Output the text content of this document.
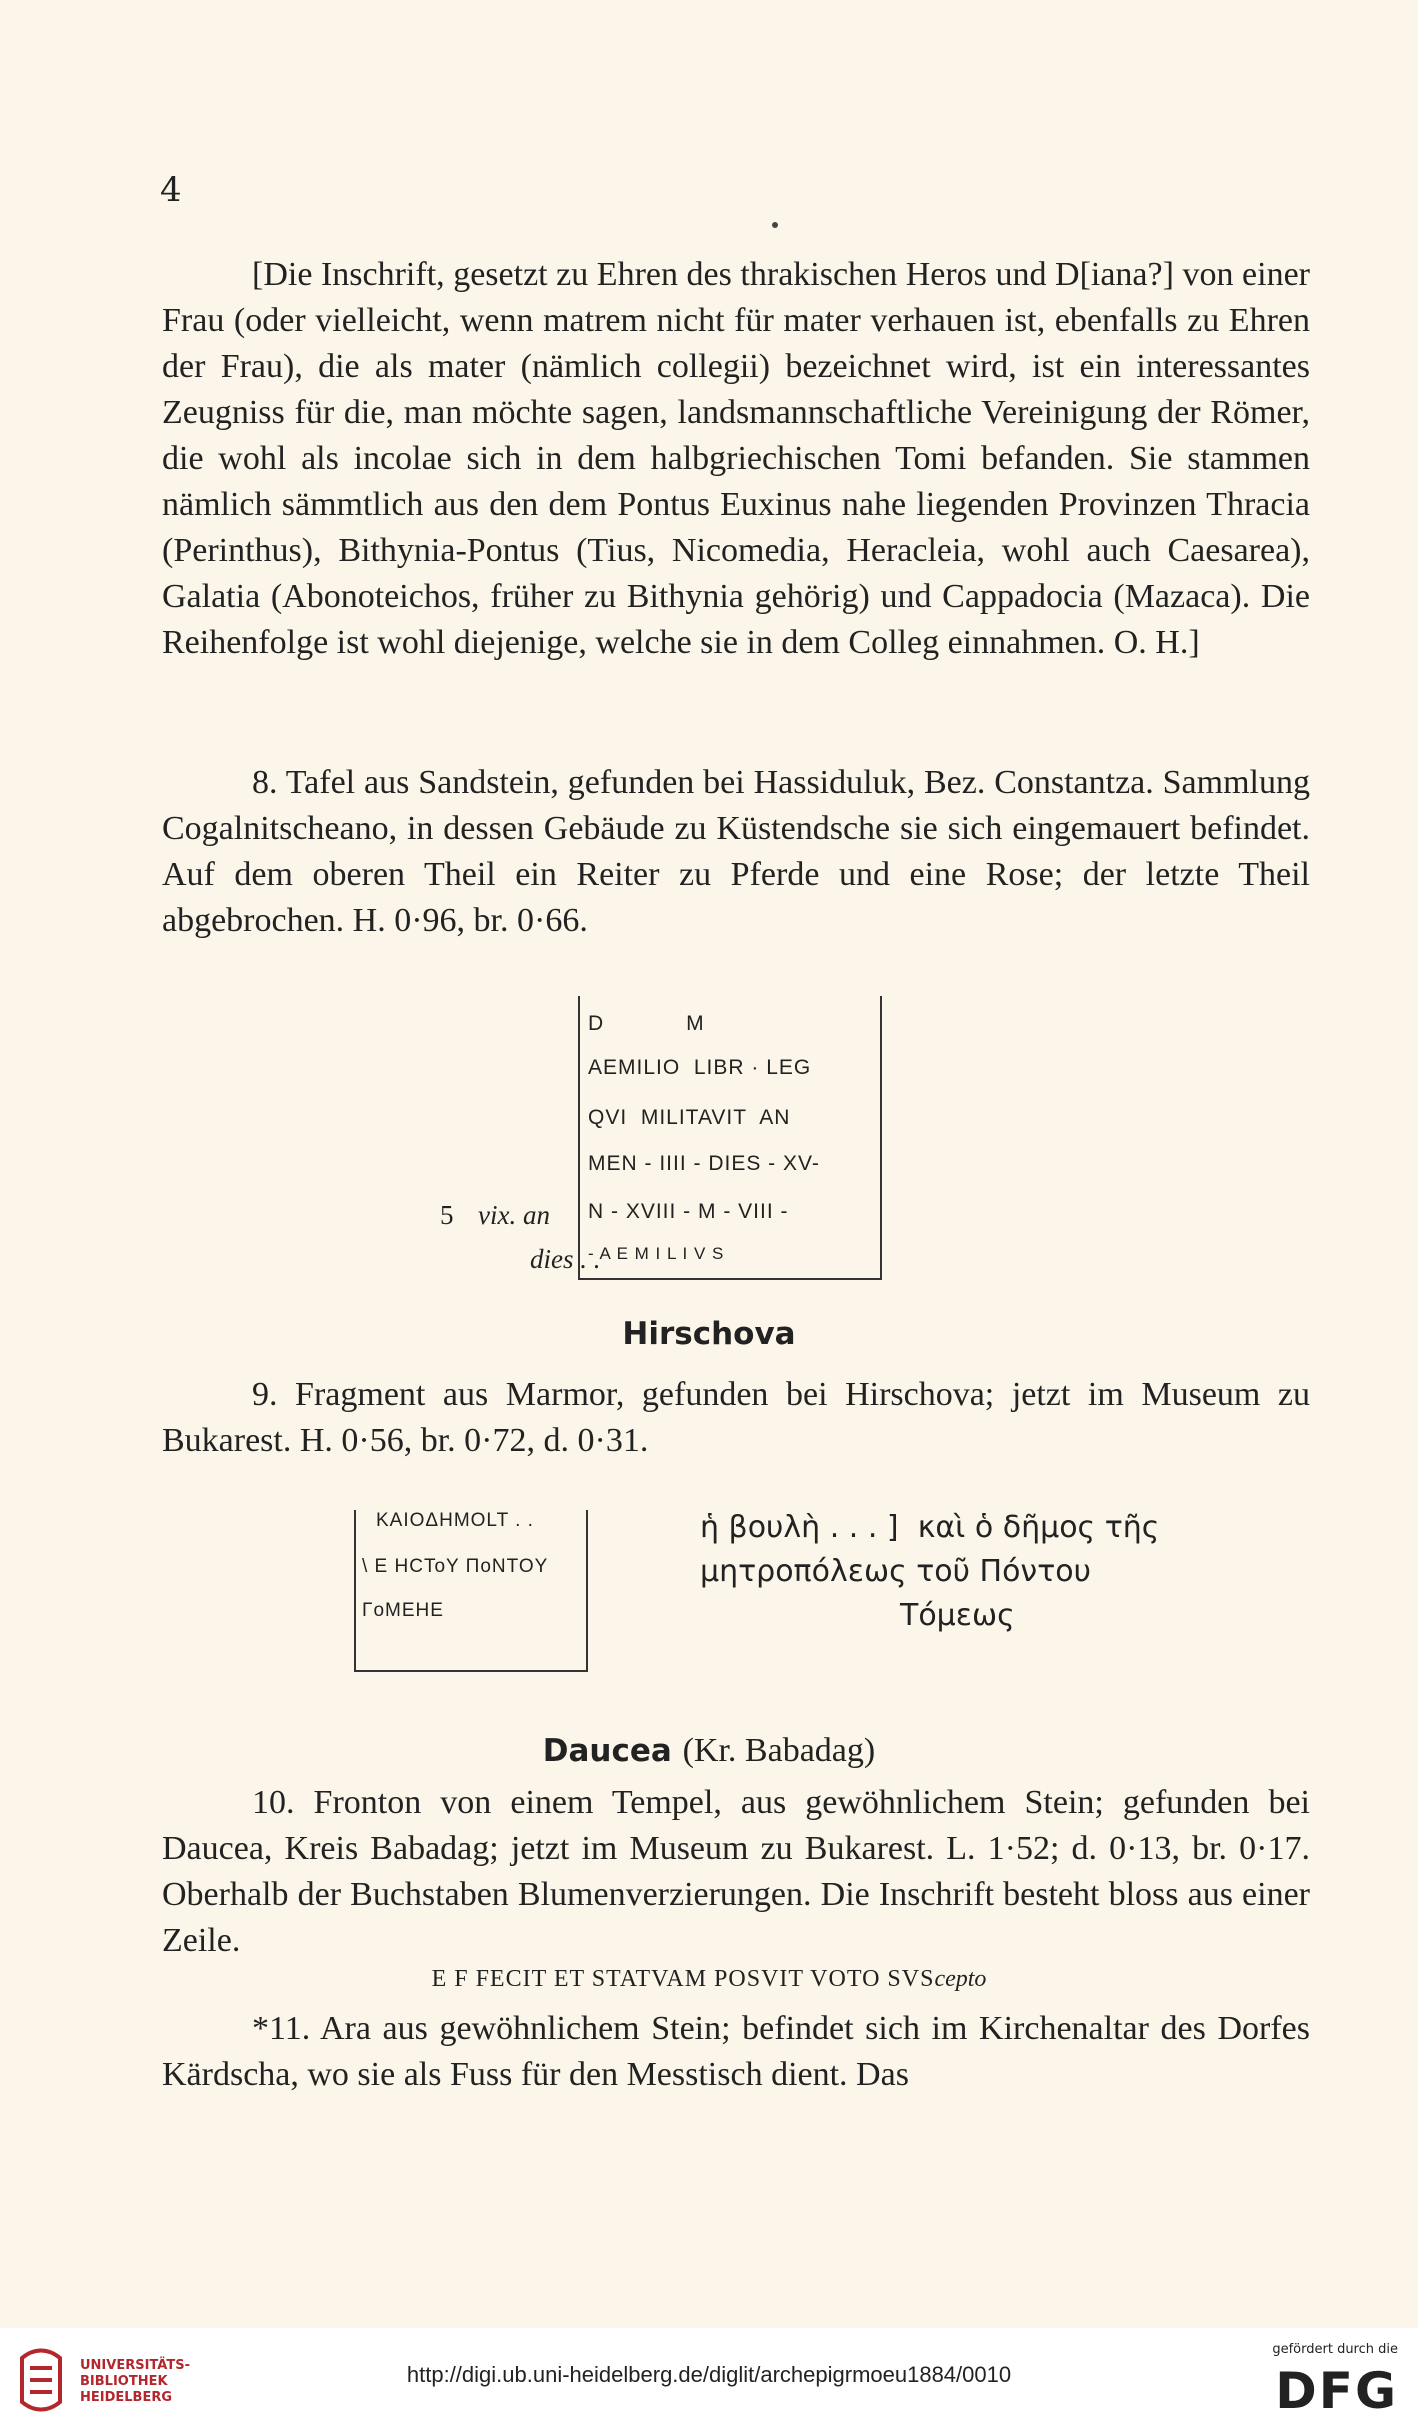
4

[Die Inschrift, gesetzt zu Ehren des thrakischen Heros und D[iana?] von einer Frau (oder vielleicht, wenn matrem nicht für mater verhauen ist, ebenfalls zu Ehren der Frau), die als mater (nämlich collegii) bezeichnet wird, ist ein interessantes Zeugniss für die, man möchte sagen, landsmannschaftliche Vereinigung der Römer, die wohl als incolae sich in dem halbgriechischen Tomi befanden. Sie stammen nämlich sämmtlich aus den dem Pontus Euxinus nahe liegenden Provinzen Thracia (Perinthus), Bithynia-Pontus (Tius, Nicomedia, Heracleia, wohl auch Caesarea), Galatia (Abonoteichos, früher zu Bithynia gehörig) und Cappadocia (Mazaca). Die Reihenfolge ist wohl diejenige, welche sie in dem Colleg einnahmen. O. H.]

8. Tafel aus Sandstein, gefunden bei Hassiduluk, Bez. Constantza. Sammlung Cogalnitscheano, in dessen Gebäude zu Küstendsche sie sich eingemauert befindet. Auf dem oberen Theil ein Reiter zu Pferde und eine Rose; der letzte Theil abgebrochen. H. 0·96, br. 0·66.

D            M
AEMILIO  LIBR · LEG
QVI  MILITAVIT  AN
MEN - IIII - DIES - XV-
N - XVIII - M - VIII -
- A E M I L I V S
5 vix. an
dies . .
Hirschova

9. Fragment aus Marmor, gefunden bei Hirschova; jetzt im Museum zu Bukarest. H. 0·56, br. 0·72, d. 0·31.

KAIOΔHMOLT . .
\ E HCToY ΠoNTOY
ΓoMEHE
ἡ βουλὴ . . . ]  καὶ ὁ δῆμος τῆς
μητροπόλεως τοῦ Πόντου
Τόμεως
Daucea (Kr. Babadag)

10. Fronton von einem Tempel, aus gewöhnlichem Stein; gefunden bei Daucea, Kreis Babadag; jetzt im Museum zu Bukarest. L. 1·52; d. 0·13, br. 0·17. Oberhalb der Buchstaben Blumenverzierungen. Die Inschrift besteht bloss aus einer Zeile.

E F FECIT ET STATVAM POSVIT VOTO SVScepto

*11. Ara aus gewöhnlichem Stein; befindet sich im Kirchenaltar des Dorfes Kärdscha, wo sie als Fuss für den Messtisch dient. Das

UNIVERSITÄTS-
BIBLIOTHEK
HEIDELBERG
http://digi.ub.uni-heidelberg.de/diglit/archepigrmoeu1884/0010
gefördert durch die
DFG
